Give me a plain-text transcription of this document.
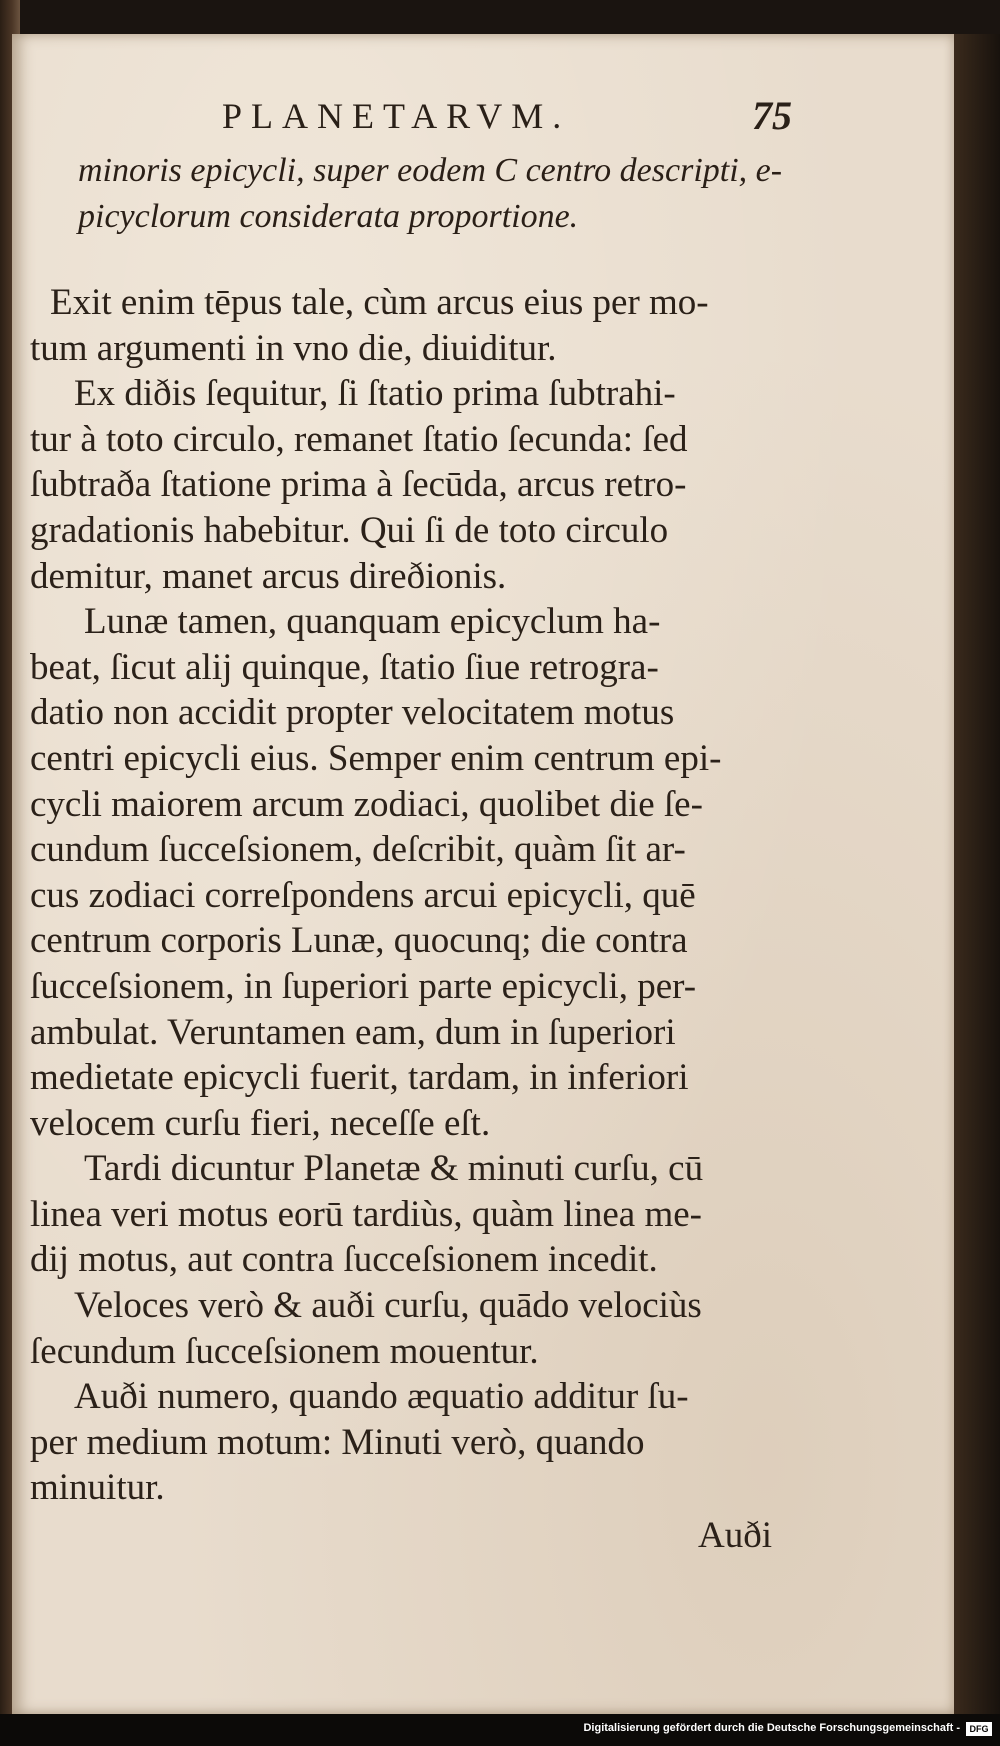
PLANETARVM.	75
minoris epicycli, super eodem C centro descripti, e-
picyclorum considerata proportione.
Exit enim tēpus tale, cùm arcus eius per mo-
tum argumenti in vno die, diuiditur.
Ex diðis ſequitur, ſi ſtatio prima ſubtrahi-
tur à toto circulo, remanet ſtatio ſecunda: ſed
ſubtraða ſtatione prima à ſecūda, arcus retro-
gradationis habebitur. Qui ſi de toto circulo
demitur, manet arcus direðionis.
Lunæ tamen, quanquam epicyclum ha-
beat, ſicut alij quinque, ſtatio ſiue retrogra-
datio non accidit propter velocitatem motus
centri epicycli eius. Semper enim centrum epi-
cycli maiorem arcum zodiaci, quolibet die ſe-
cundum ſucceſsionem, deſcribit, quàm ſit ar-
cus zodiaci correſpondens arcui epicycli, quē
centrum corporis Lunæ, quocunq; die contra
ſucceſsionem, in ſuperiori parte epicycli, per-
ambulat. Veruntamen eam, dum in ſuperiori
medietate epicycli fuerit, tardam, in inferiori
velocem curſu fieri, neceſſe eſt.
Tardi dicuntur Planetæ & minuti curſu, cū
linea veri motus eorū tardiùs, quàm linea me-
dij motus, aut contra ſucceſsionem incedit.
Veloces verò & auði curſu, quādo velociùs
ſecundum ſucceſsionem mouentur.
Auði numero, quando æquatio additur ſu-
per medium motum: Minuti verò, quando
minuitur.
Auði
Digitalisierung gefördert durch die Deutsche Forschungsgemeinschaft -	DFG
